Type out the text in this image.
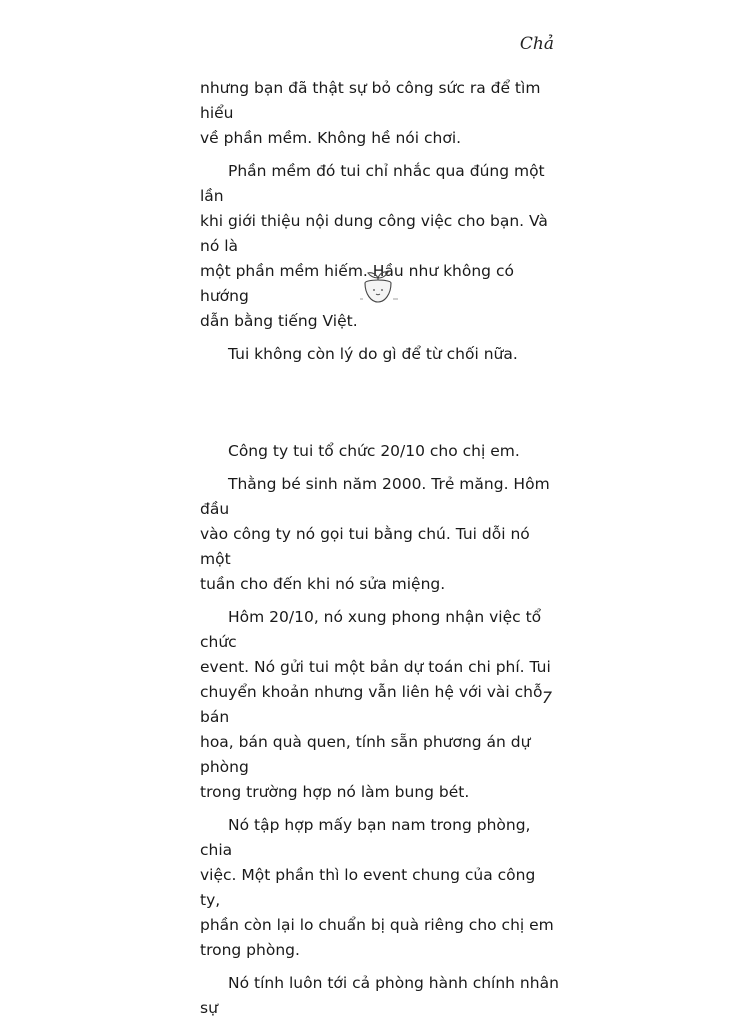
Chả

nhưng bạn đã thật sự bỏ công sức ra để tìm hiểu
về phần mềm. Không hề nói chơi.

Phần mềm đó tui chỉ nhắc qua đúng một lần
khi giới thiệu nội dung công việc cho bạn. Và nó là
một phần mềm hiếm. Hầu như không có hướng
dẫn bằng tiếng Việt.

Tui không còn lý do gì để từ chối nữa.

Công ty tui tổ chức 20/10 cho chị em.

Thằng bé sinh năm 2000. Trẻ măng. Hôm đầu
vào công ty nó gọi tui bằng chú. Tui dỗi nó một
tuần cho đến khi nó sửa miệng.

Hôm 20/10, nó xung phong nhận việc tổ chức
event. Nó gửi tui một bản dự toán chi phí. Tui
chuyển khoản nhưng vẫn liên hệ với vài chỗ bán
hoa, bán quà quen, tính sẵn phương án dự phòng
trong trường hợp nó làm bung bét.

Nó tập hợp mấy bạn nam trong phòng, chia
việc. Một phần thì lo event chung của công ty,
phần còn lại lo chuẩn bị quà riêng cho chị em
trong phòng.

Nó tính luôn tới cả phòng hành chính nhân sự

7
